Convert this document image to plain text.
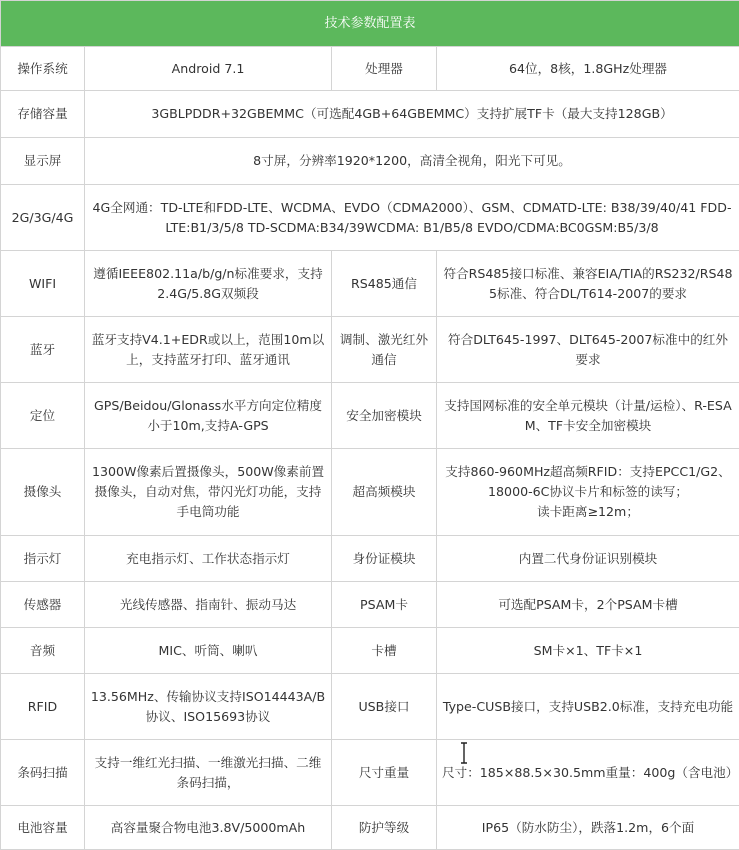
技术参数配置表			
操作系统	Android 7.1	处理器	64位，8核，1.8GHz处理器
存储容量	3GBLPDDR+32GBEMMC（可选配4GB+64GBEMMC）支持扩展TF卡（最大支持128GB）		
显示屏	8寸屏，分辨率1920*1200，高清全视角，阳光下可见。		
2G/3G/4G	4G全网通：TD-LTE和FDD-LTE、WCDMA、EVDO（CDMA2000）、GSM、CDMATD-LTE: B38/39/40/41 FDD-LTE:B1/3/5/8 TD-SCDMA:B34/39WCDMA: B1/B5/8 EVDO/CDMA:BC0GSM:B5/3/8		
WIFI	遵循IEEE802.11a/b/g/n标准要求，支持2.4G/5.8G双频段	RS485通信	符合RS485接口标准、兼容EIA/TIA的RS232/RS485标准、符合DL/T614-2007的要求
蓝牙	蓝牙支持V4.1+EDR或以上，范围10m以上，支持蓝牙打印、蓝牙通讯	调制、激光红外通信	符合DLT645-1997、DLT645-2007标准中的红外要求
定位	GPS/Beidou/Glonass水平方向定位精度小于10m,支持A-GPS	安全加密模块	支持国网标准的安全单元模块（计量/运检）、R-ESAM、TF卡安全加密模块
摄像头	1300W像素后置摄像头，500W像素前置摄像头，自动对焦，带闪光灯功能，支持手电筒功能	超高频模块	支持860-960MHz超高频RFID：支持EPCC1/G2、18000-6C协议卡片和标签的读写；
读卡距离≥12m；
指示灯	充电指示灯、工作状态指示灯	身份证模块	内置二代身份证识别模块
传感器	光线传感器、指南针、振动马达	PSAM卡	可选配PSAM卡，2个PSAM卡槽
音频	MIC、听筒、喇叭	卡槽	SM卡×1、TF卡×1
RFID	13.56MHz、传输协议支持ISO14443A/B协议、ISO15693协议	USB接口	Type-CUSB接口，支持USB2.0标准，支持充电功能
条码扫描	支持一维红光扫描、一维激光扫描、二维条码扫描，	尺寸重量	尺寸：185×88.5×30.5mm重量：400g（含电池）
电池容量	高容量聚合物电池3.8V/5000mAh	防护等级	IP65（防水防尘），跌落1.2m，6个面
